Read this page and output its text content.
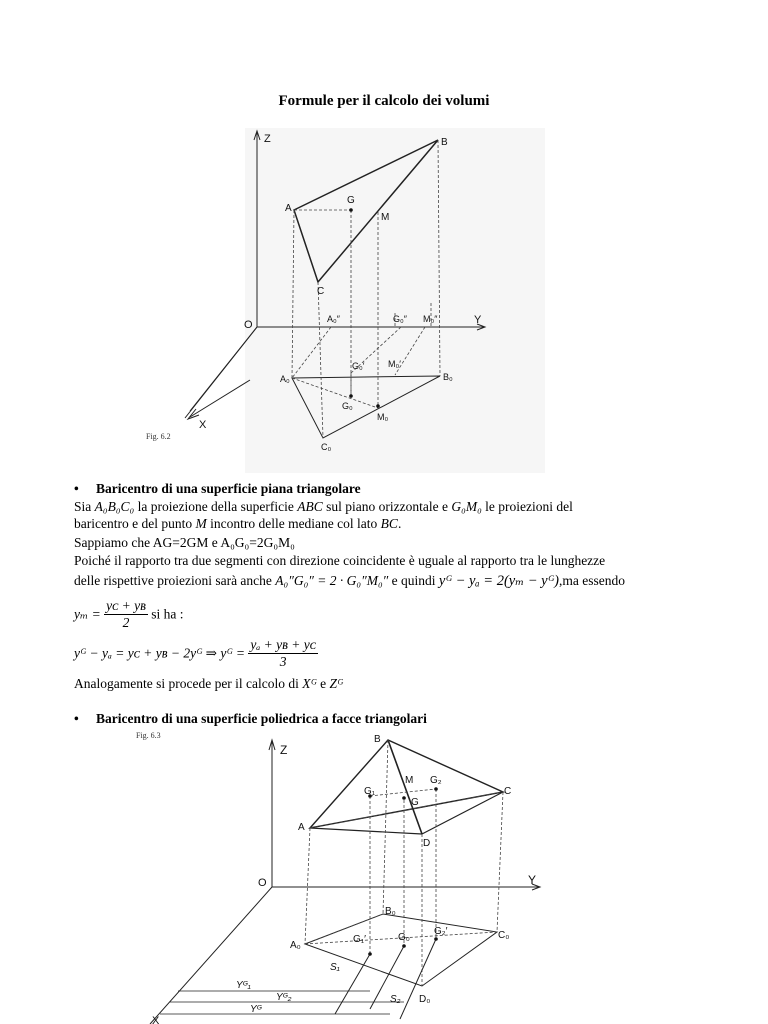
Formule per il calcolo dei volumi
Z
Y
O
A
B
C
G
M
A₀″	G₀″ M₀″
G₀′	M₀′
A₀	B₀
C₀
G₀
M₀
X
Fig. 6.2
• Baricentro di una superficie piana triangolare
Sia A₀B₀C₀ la proiezione della superficie ABC sul piano orizzontale e G₀M₀ le proiezioni del
baricentro e del punto M incontro delle mediane col lato BC.
Sappiamo che AG=2GM e A₀G₀=2G₀M₀
Poiché il rapporto tra due segmenti con direzione coincidente è uguale al rapporto tra le lunghezze
delle rispettive proiezioni sarà anche A₀″G₀″ = 2 · G₀″M₀″ e quindi yᴳ − yₐ = 2(yₘ − yᴳ),ma essendo
$y_m = \frac{\text{yᴄ + yʙ}}{2}$ si ha :
yᴳ − yₐ = yᴄ + yʙ − 2yᴳ ⇒ yᴳ = $\frac{\text{yₐ + yʙ + yᴄ}}{3}$
Analogamente si procede per il calcolo di Xᴳ e Zᴳ
• Baricentro di una superficie poliedrica a facce triangolari
Fig. 6.3
Z
Y
O
X
A
B
C
D
M
G
G₁
G₂
A₀
B₀
C₀
D₀
G₀
G₁′
G₂′
S₁
S₂
Yᴳ₁
Yᴳ₂
Yᴳ
